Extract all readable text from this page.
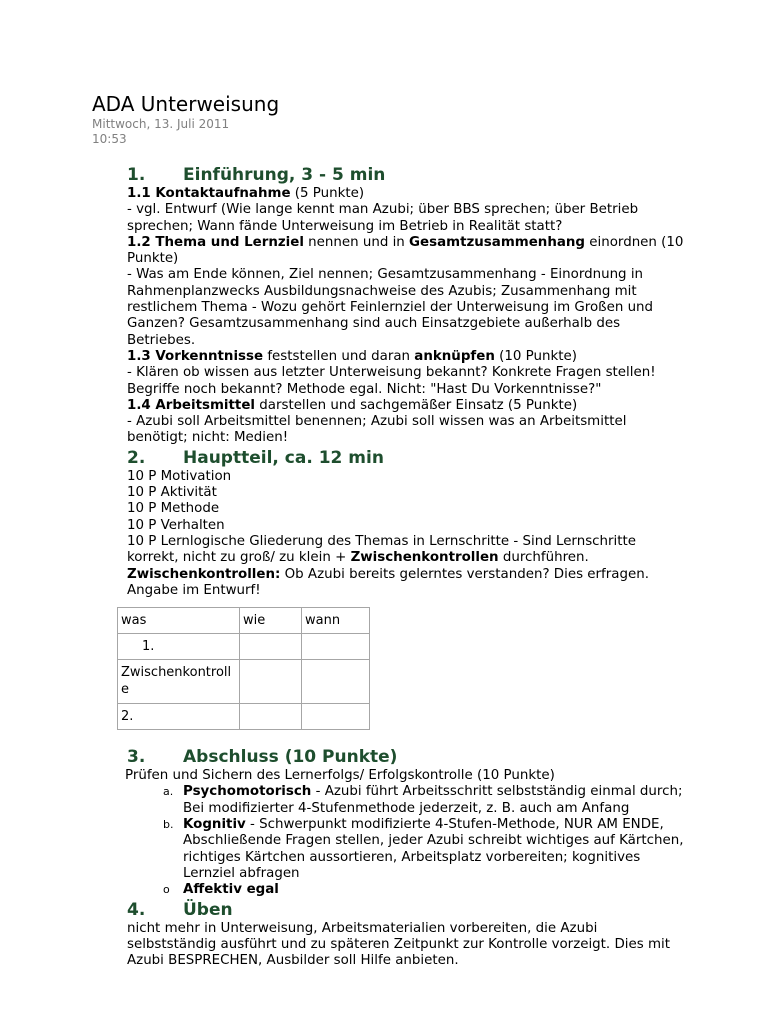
ADA Unterweisung
Mittwoch, 13. Juli 2011
10:53
1.	Einführung, 3 - 5 min

1.1 Kontaktaufnahme (5 Punkte)

- vgl. Entwurf (Wie lange kennt man Azubi; über BBS sprechen; über Betrieb sprechen; Wann fände Unterweisung im Betrieb in Realität statt?

1.2 Thema und Lernziel nennen und in Gesamtzusammenhang einordnen (10 Punkte)

- Was am Ende können, Ziel nennen; Gesamtzusammenhang - Einordnung in Rahmenplanzwecks Ausbildungsnachweise des Azubis; Zusammenhang mit restlichem Thema - Wozu gehört Feinlernziel der Unterweisung im Großen und Ganzen? Gesamtzusammenhang sind auch Einsatzgebiete außerhalb des Betriebes.

1.3 Vorkenntnisse feststellen und daran anknüpfen (10 Punkte)

- Klären ob wissen aus letzter Unterweisung bekannt? Konkrete Fragen stellen! Begriffe noch bekannt? Methode egal. Nicht: "Hast Du Vorkenntnisse?"

1.4 Arbeitsmittel darstellen und sachgemäßer Einsatz (5 Punkte)

- Azubi soll Arbeitsmittel benennen; Azubi soll wissen was an Arbeitsmittel benötigt; nicht: Medien!

2.	Hauptteil, ca. 12 min

10 P Motivation

10 P Aktivität

10 P Methode

10 P Verhalten

10 P Lernlogische Gliederung des Themas in Lernschritte - Sind Lernschritte korrekt, nicht zu groß/ zu klein + Zwischenkontrollen durchführen.

Zwischenkontrollen: Ob Azubi bereits gelerntes verstanden? Dies erfragen. Angabe im Entwurf!

was	wie	wann
1.		
Zwischenkontrolle		
2.		
3.	Abschluss (10 Punkte)

Prüfen und Sichern des Lernerfolgs/ Erfolgskontrolle (10 Punkte)

a. Psychomotorisch - Azubi führt Arbeitsschritt selbstständig einmal durch; Bei modifizierter 4-Stufenmethode jederzeit, z. B. auch am Anfang
b. Kognitiv - Schwerpunkt modifizierte 4-Stufen-Methode, NUR AM ENDE, Abschließende Fragen stellen, jeder Azubi schreibt wichtiges auf Kärtchen, richtiges Kärtchen aussortieren, Arbeitsplatz vorbereiten; kognitives Lernziel abfragen
o Affektiv egal
4.	Üben

nicht mehr in Unterweisung, Arbeitsmaterialien vorbereiten, die Azubi selbstständig ausführt und zu späteren Zeitpunkt zur Kontrolle vorzeigt. Dies mit Azubi BESPRECHEN, Ausbilder soll Hilfe anbieten.
